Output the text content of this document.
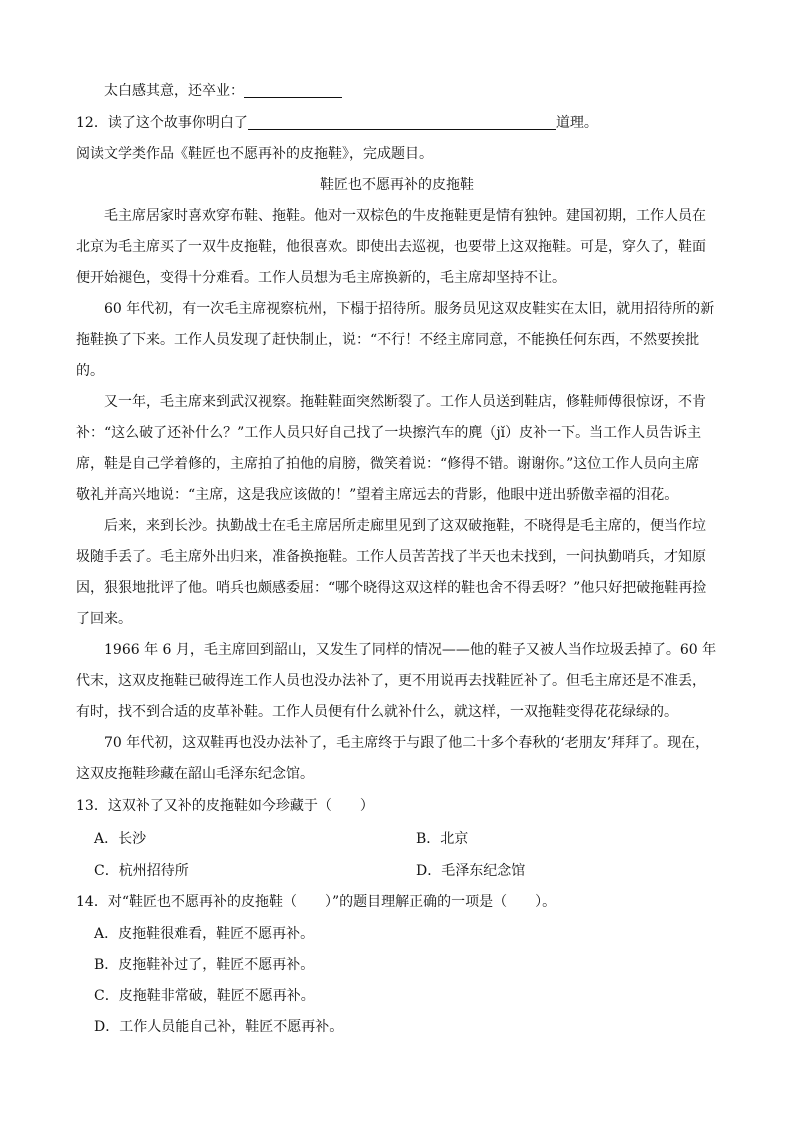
太白感其意，还卒业：
12．读了这个故事你明白了	道理。
阅读文学类作品《鞋匠也不愿再补的皮拖鞋》，完成题目。
鞋匠也不愿再补的皮拖鞋
毛主席居家时喜欢穿布鞋、拖鞋。他对一双棕色的牛皮拖鞋更是情有独钟。建国初期，工作人员在
北京为毛主席买了一双牛皮拖鞋，他很喜欢。即使出去巡视，也要带上这双拖鞋。可是，穿久了，鞋面
便开始褪色，变得十分难看。工作人员想为毛主席换新的，毛主席却坚持不让。
60 年代初，有一次毛主席视察杭州，下榻于招待所。服务员见这双皮鞋实在太旧，就用招待所的新
拖鞋换了下来。工作人员发现了赶快制止，说：“不行！不经主席同意，不能换任何东西，不然要挨批
的。
又一年，毛主席来到武汉视察。拖鞋鞋面突然断裂了。工作人员送到鞋店，修鞋师傅很惊讶，不肯
补：“这么破了还补什么？”工作人员只好自己找了一块擦汽车的麂（jǐ）皮补一下。当工作人员告诉主
席，鞋是自己学着修的，主席拍了拍他的肩膀，微笑着说：“修得不错。谢谢你。”这位工作人员向主席
敬礼并高兴地说：“主席，这是我应该做的！”望着主席远去的背影，他眼中迸出骄傲幸福的泪花。
后来，来到长沙。执勤战士在毛主席居所走廊里见到了这双破拖鞋，不晓得是毛主席的，便当作垃
圾随手丢了。毛主席外出归来，准备换拖鞋。工作人员苦苦找了半天也未找到，一问执勤哨兵，才知原
因，狠狠地批评了他。哨兵也颇感委屈：“哪个晓得这双这样的鞋也舍不得丢呀？”他只好把破拖鞋再捡
了回来。
1966 年 6 月，毛主席回到韶山，又发生了同样的情况——他的鞋子又被人当作垃圾丢掉了。60 年
代末，这双皮拖鞋已破得连工作人员也没办法补了，更不用说再去找鞋匠补了。但毛主席还是不准丢，
有时，找不到合适的皮革补鞋。工作人员便有什么就补什么，就这样，一双拖鞋变得花花绿绿的。
70 年代初，这双鞋再也没办法补了，毛主席终于与跟了他二十多个春秋的‘老朋友’拜拜了。现在，
这双皮拖鞋珍藏在韶山毛泽东纪念馆。
13．这双补了又补的皮拖鞋如今珍藏于（　　）
A．长沙	B．北京
C．杭州招待所	D．毛泽东纪念馆
14．对“鞋匠也不愿再补的皮拖鞋（　　）”的题目理解正确的一项是（　　）。
A．皮拖鞋很难看，鞋匠不愿再补。
B．皮拖鞋补过了，鞋匠不愿再补。
C．皮拖鞋非常破，鞋匠不愿再补。
D．工作人员能自己补，鞋匠不愿再补。
